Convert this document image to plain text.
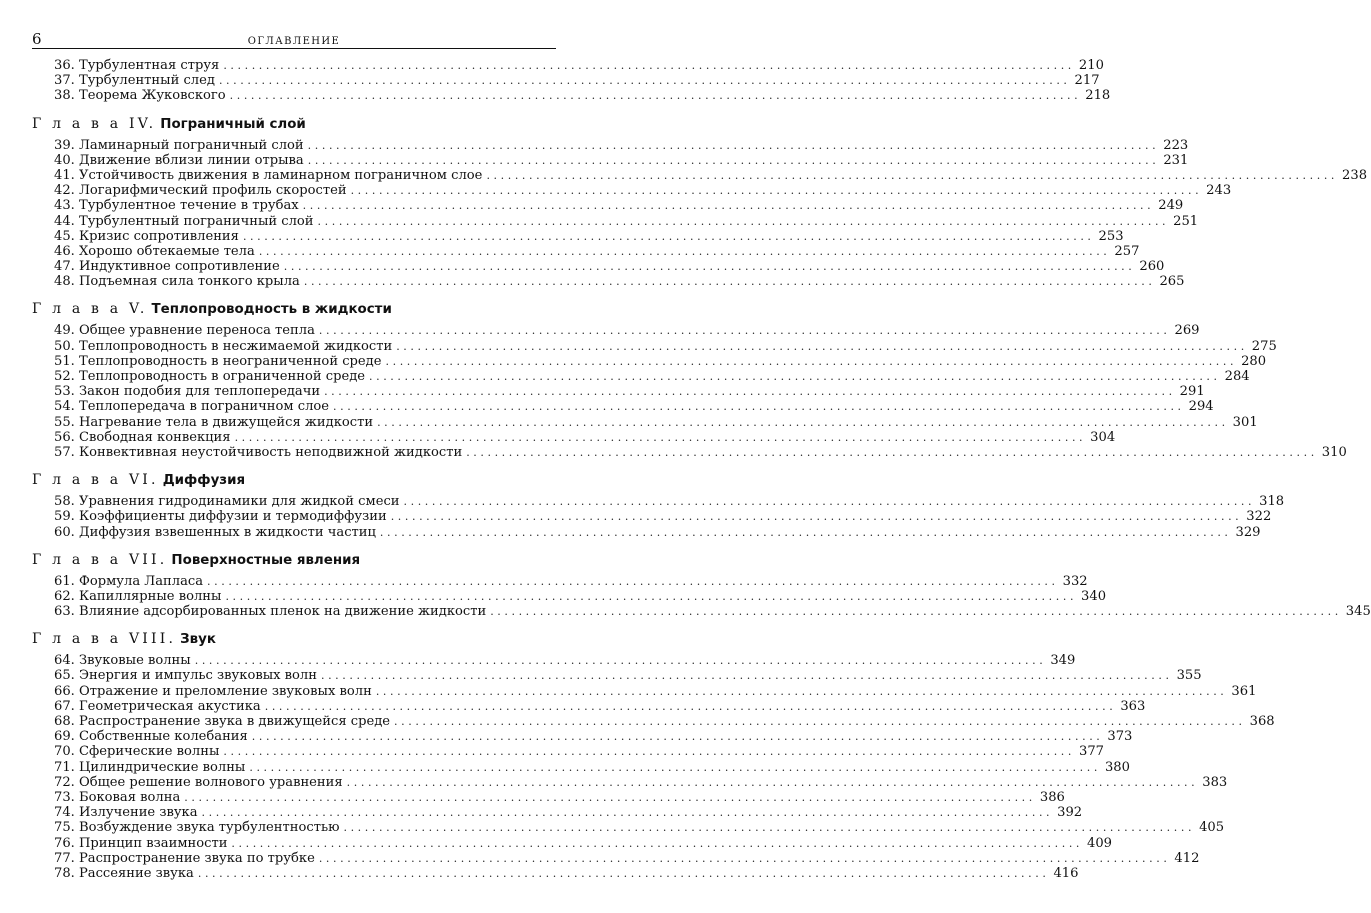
6	ОГЛАВЛЕНИЕ
36. Турбулентная струя ........................................................................................................................ 210
37. Турбулентный след ........................................................................................................................ 217
38. Теорема Жуковского ........................................................................................................................ 218
Г л а в а IV. Пограничный слой
39. Ламинарный пограничный слой ........................................................................................................................ 223
40. Движение вблизи линии отрыва ........................................................................................................................ 231
41. Устойчивость движения в ламинарном пограничном слое ........................................................................................................................ 238
42. Логарифмический профиль скоростей ........................................................................................................................ 243
43. Турбулентное течение в трубах ........................................................................................................................ 249
44. Турбулентный пограничный слой ........................................................................................................................ 251
45. Кризис сопротивления ........................................................................................................................ 253
46. Хорошо обтекаемые тела ........................................................................................................................ 257
47. Индуктивное сопротивление ........................................................................................................................ 260
48. Подъемная сила тонкого крыла ........................................................................................................................ 265
Г л а в а V. Теплопроводность в жидкости
49. Общее уравнение переноса тепла ........................................................................................................................ 269
50. Теплопроводность в несжимаемой жидкости ........................................................................................................................ 275
51. Теплопроводность в неограниченной среде ........................................................................................................................ 280
52. Теплопроводность в ограниченной среде ........................................................................................................................ 284
53. Закон подобия для теплопередачи ........................................................................................................................ 291
54. Теплопередача в пограничном слое ........................................................................................................................ 294
55. Нагревание тела в движущейся жидкости ........................................................................................................................ 301
56. Свободная конвекция ........................................................................................................................ 304
57. Конвективная неустойчивость неподвижной жидкости ........................................................................................................................ 310
Г л а в а VI. Диффузия
58. Уравнения гидродинамики для жидкой смеси ........................................................................................................................ 318
59. Коэффициенты диффузии и термодиффузии ........................................................................................................................ 322
60. Диффузия взвешенных в жидкости частиц ........................................................................................................................ 329
Г л а в а VII. Поверхностные явления
61. Формула Лапласа ........................................................................................................................ 332
62. Капиллярные волны ........................................................................................................................ 340
63. Влияние адсорбированных пленок на движение жидкости ........................................................................................................................ 345
Г л а в а VIII. Звук
64. Звуковые волны ........................................................................................................................ 349
65. Энергия и импульс звуковых волн ........................................................................................................................ 355
66. Отражение и преломление звуковых волн ........................................................................................................................ 361
67. Геометрическая акустика ........................................................................................................................ 363
68. Распространение звука в движущейся среде ........................................................................................................................ 368
69. Собственные колебания ........................................................................................................................ 373
70. Сферические волны ........................................................................................................................ 377
71. Цилиндрические волны ........................................................................................................................ 380
72. Общее решение волнового уравнения ........................................................................................................................ 383
73. Боковая волна ........................................................................................................................ 386
74. Излучение звука ........................................................................................................................ 392
75. Возбуждение звука турбулентностью ........................................................................................................................ 405
76. Принцип взаимности ........................................................................................................................ 409
77. Распространение звука по трубке ........................................................................................................................ 412
78. Рассеяние звука ........................................................................................................................ 416
